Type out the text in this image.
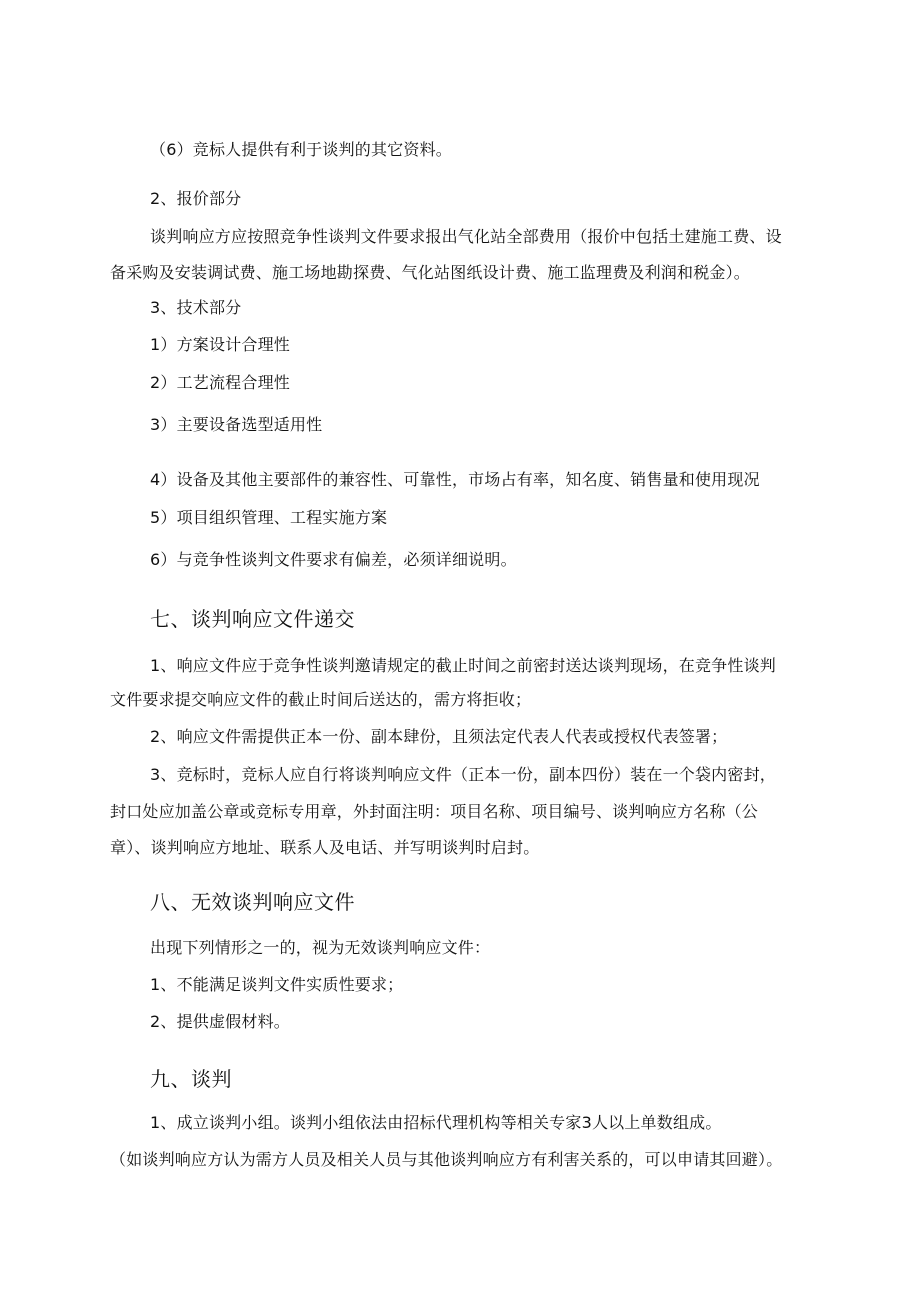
（6）竞标人提供有利于谈判的其它资料。
2、报价部分
谈判响应方应按照竞争性谈判文件要求报出气化站全部费用（报价中包括土建施工费、设
备采购及安装调试费、施工场地勘探费、气化站图纸设计费、施工监理费及利润和税金）。
3、技术部分
1）方案设计合理性
2）工艺流程合理性
3）主要设备选型适用性
4）设备及其他主要部件的兼容性、可靠性，市场占有率，知名度、销售量和使用现况
5）项目组织管理、工程实施方案
6）与竞争性谈判文件要求有偏差，必须详细说明。
七、谈判响应文件递交
1、响应文件应于竞争性谈判邀请规定的截止时间之前密封送达谈判现场，在竞争性谈判
文件要求提交响应文件的截止时间后送达的，需方将拒收；
2、响应文件需提供正本一份、副本肆份，且须法定代表人代表或授权代表签署；
3、竞标时，竞标人应自行将谈判响应文件（正本一份，副本四份）装在一个袋内密封，
封口处应加盖公章或竞标专用章，外封面注明：项目名称、项目编号、谈判响应方名称（公
章）、谈判响应方地址、联系人及电话、并写明谈判时启封。
八、无效谈判响应文件
出现下列情形之一的，视为无效谈判响应文件：
1、不能满足谈判文件实质性要求；
2、提供虚假材料。
九、谈判
1、成立谈判小组。谈判小组依法由招标代理机构等相关专家3人以上单数组成。
（如谈判响应方认为需方人员及相关人员与其他谈判响应方有利害关系的，可以申请其回避）。
